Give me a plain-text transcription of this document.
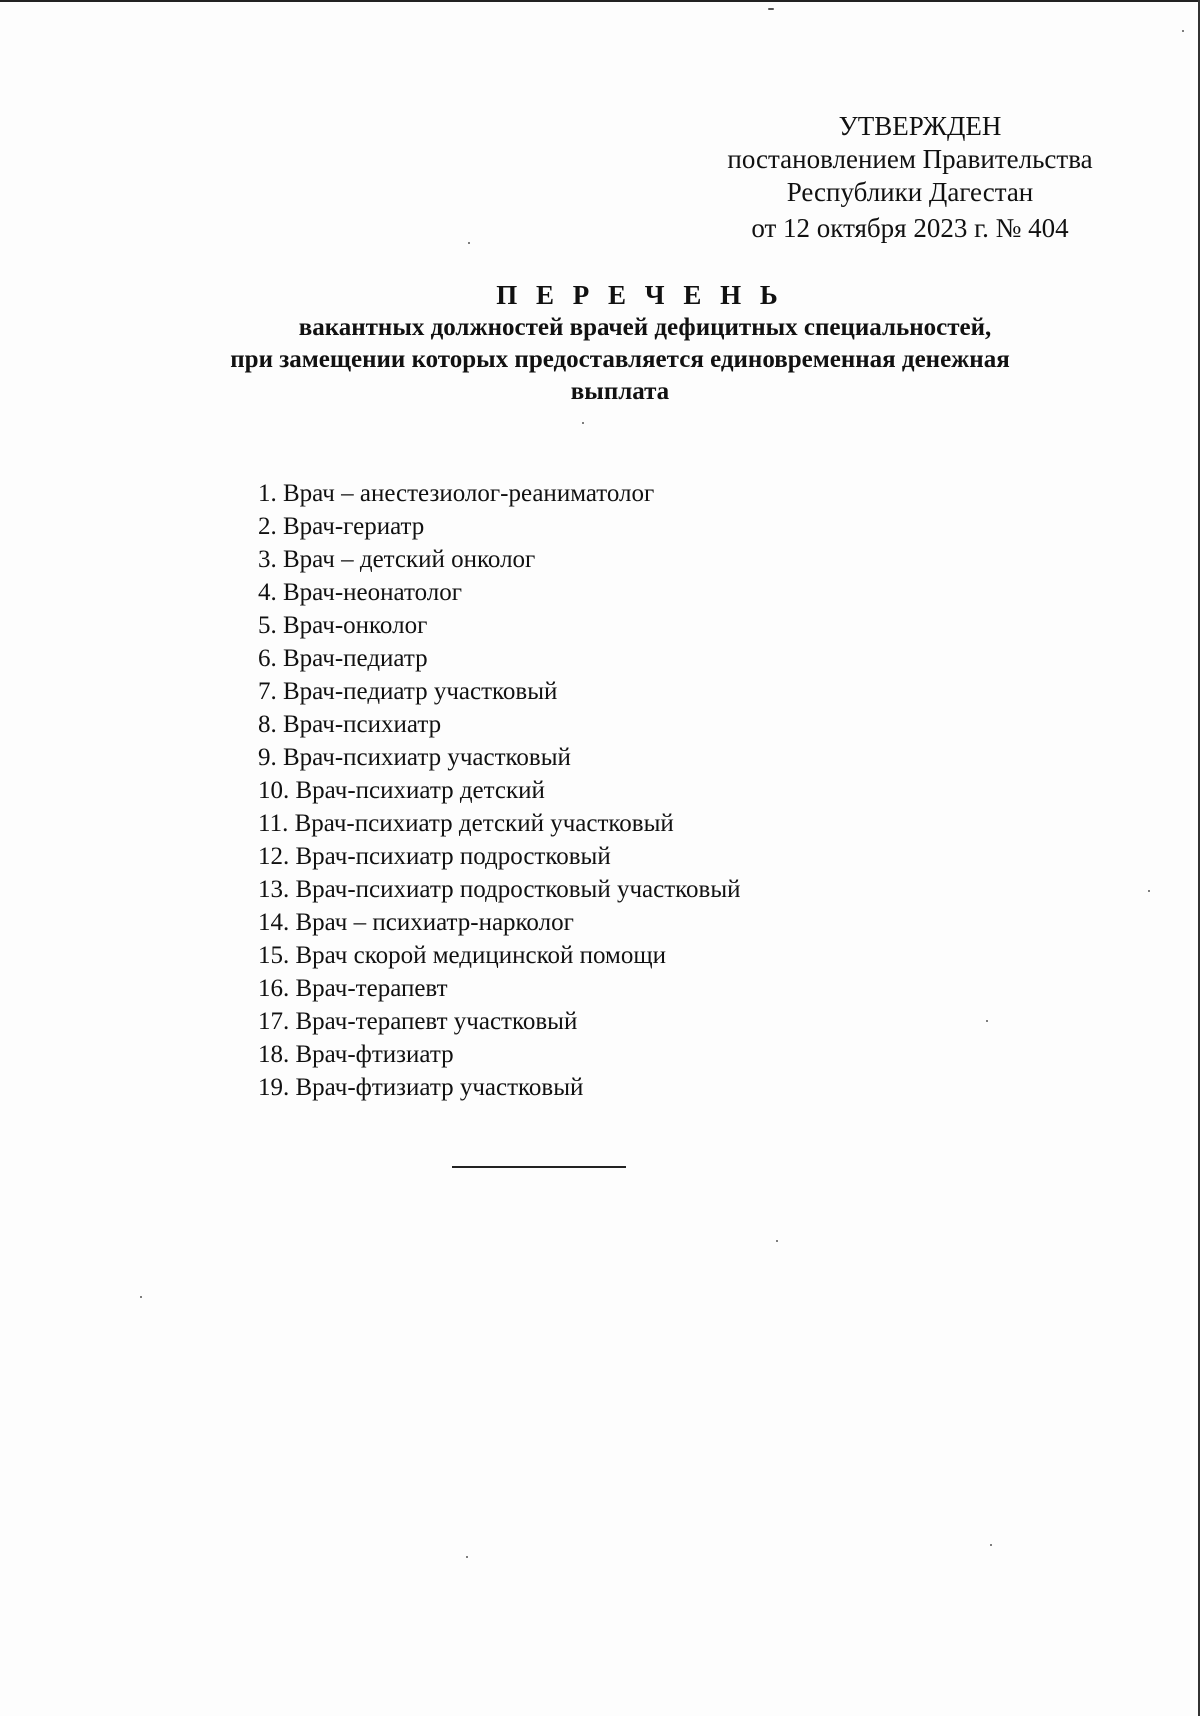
УТВЕРЖДЕН
постановлением Правительства
Республики Дагестан
от 12 октября 2023 г. № 404
П Е Р Е Ч Е Н Ь
вакантных должностей врачей дефицитных специальностей,
при замещении которых предоставляется единовременная денежная
выплата
1. Врач – анестезиолог-реаниматолог
2. Врач-гериатр
3. Врач – детский онколог
4. Врач-неонатолог
5. Врач-онколог
6. Врач-педиатр
7. Врач-педиатр участковый
8. Врач-психиатр
9. Врач-психиатр участковый
10. Врач-психиатр детский
11. Врач-психиатр детский участковый
12. Врач-психиатр подростковый
13. Врач-психиатр подростковый участковый
14. Врач – психиатр-нарколог
15. Врач скорой медицинской помощи
16. Врач-терапевт
17. Врач-терапевт участковый
18. Врач-фтизиатр
19. Врач-фтизиатр участковый
